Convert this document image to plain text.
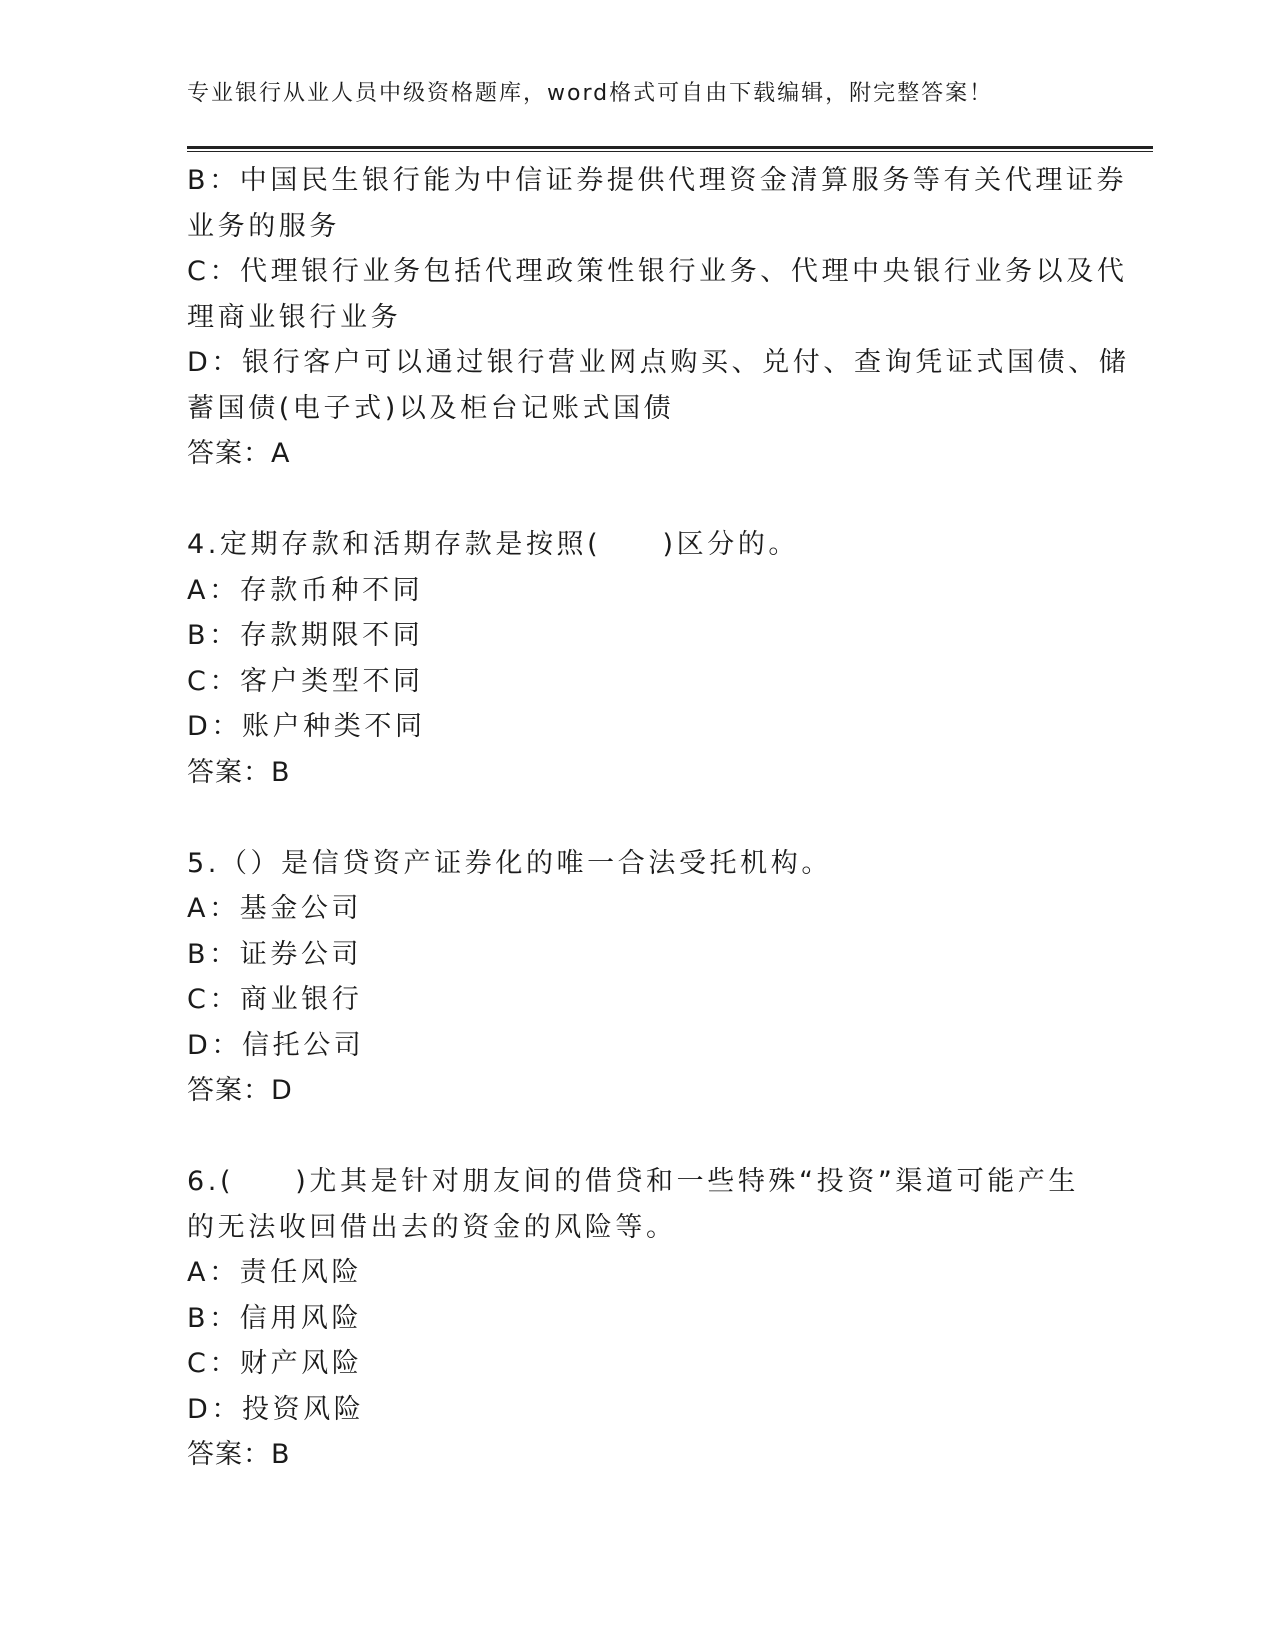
专业银行从业人员中级资格题库，word格式可自由下载编辑，附完整答案！
B：中国民生银行能为中信证券提供代理资金清算服务等有关代理证券
业务的服务
C：代理银行业务包括代理政策性银行业务、代理中央银行业务以及代
理商业银行业务
D：银行客户可以通过银行营业网点购买、兑付、查询凭证式国债、储
蓄国债(电子式)以及柜台记账式国债
答案：A
4.定期存款和活期存款是按照(　　)区分的。
A：存款币种不同
B：存款期限不同
C：客户类型不同
D：账户种类不同
答案：B
5.（）是信贷资产证券化的唯一合法受托机构。
A：基金公司
B：证券公司
C：商业银行
D：信托公司
答案：D
6.(　　)尤其是针对朋友间的借贷和一些特殊“投资”渠道可能产生
的无法收回借出去的资金的风险等。
A：责任风险
B：信用风险
C：财产风险
D：投资风险
答案：B
